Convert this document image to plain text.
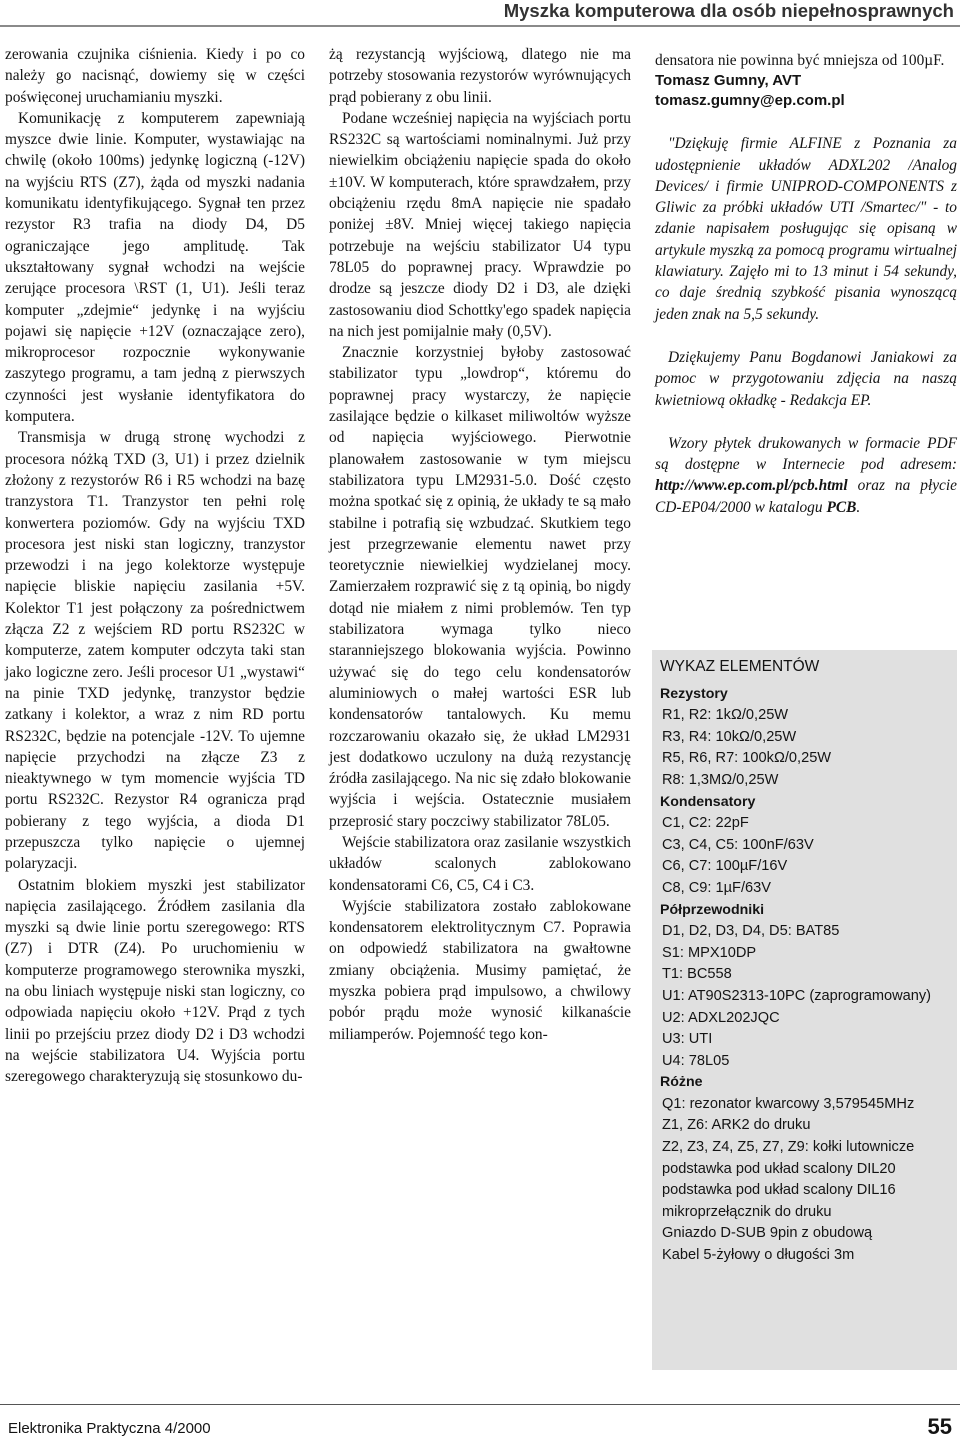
Myszka komputerowa dla osób niepełnosprawnych

zerowania czujnika ciśnienia. Kiedy i po co należy go nacisnąć, dowiemy się w części poświęconej uruchamianiu myszki.

Komunikację z komputerem zapewniają myszce dwie linie. Komputer, wystawiając na chwilę (około 100ms) jedynkę logiczną (-12V) na wyjściu RTS (Z7), żąda od myszki nadania komunikatu identyfikującego. Sygnał ten przez rezystor R3 trafia na diody D4, D5 ograniczające jego amplitudę. Tak ukształtowany sygnał wchodzi na wejście zerujące procesora \RST (1, U1). Jeśli teraz komputer „zdejmie“ jedynkę i na wyjściu pojawi się napięcie +12V (oznaczające zero), mikroprocesor rozpocznie wykonywanie zaszytego programu, a tam jedną z pierwszych czynności jest wysłanie identyfikatora do komputera.

Transmisja w drugą stronę wychodzi z procesora nóżką TXD (3, U1) i przez dzielnik złożony z rezystorów R6 i R5 wchodzi na bazę tranzystora T1. Tranzystor ten pełni rolę konwertera poziomów. Gdy na wyjściu TXD procesora jest niski stan logiczny, tranzystor przewodzi i na jego kolektorze występuje napięcie bliskie napięciu zasilania +5V. Kolektor T1 jest połączony za pośrednictwem złącza Z2 z wejściem RD portu RS232C w komputerze, zatem komputer odczyta taki stan jako logiczne zero. Jeśli procesor U1 „wystawi“ na pinie TXD jedynkę, tranzystor będzie zatkany i kolektor, a wraz z nim RD portu RS232C, będzie na potencjale -12V. To ujemne napięcie przychodzi na złącze Z3 z nieaktywnego w tym momencie wyjścia TD portu RS232C. Rezystor R4 ogranicza prąd pobierany z tego wyjścia, a dioda D1 przepuszcza tylko napięcie o ujemnej polaryzacji.

Ostatnim blokiem myszki jest stabilizator napięcia zasilającego. Źródłem zasilania dla myszki są dwie linie portu szeregowego: RTS (Z7) i DTR (Z4). Po uruchomieniu w komputerze programowego sterownika myszki, na obu liniach występuje niski stan logiczny, co odpowiada napięciu około +12V. Prąd z tych linii po przejściu przez diody D2 i D3 wchodzi na wejście stabilizatora U4. Wyjścia portu szeregowego charakteryzują się stosunkowo du-

żą rezystancją wyjściową, dlatego nie ma potrzeby stosowania rezystorów wyrównujących prąd pobierany z obu linii.

Podane wcześniej napięcia na wyjściach portu RS232C są wartościami nominalnymi. Już przy niewielkim obciążeniu napięcie spada do około ±10V. W komputerach, które sprawdzałem, przy obciążeniu rzędu 8mA napięcie nie spadało poniżej ±8V. Mniej więcej takiego napięcia potrzebuje na wejściu stabilizator U4 typu 78L05 do poprawnej pracy. Wprawdzie po drodze są jeszcze diody D2 i D3, ale dzięki zastosowaniu diod Schottky'ego spadek napięcia na nich jest pomijalnie mały (0,5V).

Znacznie korzystniej byłoby zastosować stabilizator typu „lowdrop“, któremu do poprawnej pracy wystarczy, że napięcie zasilające będzie o kilkaset miliwoltów wyższe od napięcia wyjściowego. Pierwotnie planowałem zastosowanie w tym miejscu stabilizatora typu LM2931-5.0. Dość często można spotkać się z opinią, że układy te są mało stabilne i potrafią się wzbudzać. Skutkiem tego jest przegrzewanie elementu nawet przy teoretycznie niewielkiej wydzielanej mocy. Zamierzałem rozprawić się z tą opinią, bo nigdy dotąd nie miałem z nimi problemów. Ten typ stabilizatora wymaga tylko nieco staranniejszego blokowania wyjścia. Powinno używać się do tego celu kondensatorów aluminiowych o małej wartości ESR lub kondensatorów tantalowych. Ku memu rozczarowaniu okazało się, że układ LM2931 jest dodatkowo uczulony na dużą rezystancję źródła zasilającego. Na nic się zdało blokowanie wyjścia i wejścia. Ostatecznie musiałem przeprosić stary poczciwy stabilizator 78L05.

Wejście stabilizatora oraz zasilanie wszystkich układów scalonych zablokowano kondensatorami C6, C5, C4 i C3.

Wyjście stabilizatora zostało zablokowane kondensatorem elektrolitycznym C7. Poprawia on odpowiedź stabilizatora na gwałtowne zmiany obciążenia. Musimy pamiętać, że myszka pobiera prąd impulsowo, a chwilowy pobór prądu może wynosić kilkanaście miliamperów. Pojemność tego kon-

densatora nie powinna być mniejsza od 100µF.

Tomasz Gumny, AVT

tomasz.gumny@ep.com.pl

"Dziękuję firmie ALFINE z Poznania za udostępnienie układów ADXL202 /Analog Devices/ i firmie UNIPROD-COMPONENTS z Gliwic za próbki układów UTI /Smartec/" - to zdanie napisałem posługując się opisaną w artykule myszką za pomocą programu wirtualnej klawiatury. Zajęło mi to 13 minut i 54 sekundy, co daje średnią szybkość pisania wynoszącą jeden znak na 5,5 sekundy.

Dziękujemy Panu Bogdanowi Janiakowi za pomoc w przygotowaniu zdjęcia na naszą kwietniową okładkę - Redakcja EP.

Wzory płytek drukowanych w formacie PDF są dostępne w Internecie pod adresem: http://www.ep.com.pl/pcb.html oraz na płycie CD-EP04/2000 w katalogu PCB.

WYKAZ ELEMENTÓW
Rezystory
R1, R2: 1kΩ/0,25W
R3, R4: 10kΩ/0,25W
R5, R6, R7: 100kΩ/0,25W
R8: 1,3MΩ/0,25W
Kondensatory
C1, C2: 22pF
C3, C4, C5: 100nF/63V
C6, C7: 100µF/16V
C8, C9: 1µF/63V
Półprzewodniki
D1, D2, D3, D4, D5: BAT85
S1: MPX10DP
T1: BC558
U1: AT90S2313-10PC (zaprogramowany)
U2: ADXL202JQC
U3: UTI
U4: 78L05
Różne
Q1: rezonator kwarcowy 3,579545MHz
Z1, Z6: ARK2 do druku
Z2, Z3, Z4, Z5, Z7, Z9: kołki lutownicze
podstawka pod układ scalony DIL20
podstawka pod układ scalony DIL16
mikroprzełącznik do druku
Gniazdo D-SUB 9pin z obudową
Kabel 5-żyłowy o długości 3m
Elektronika Praktyczna 4/2000	55
